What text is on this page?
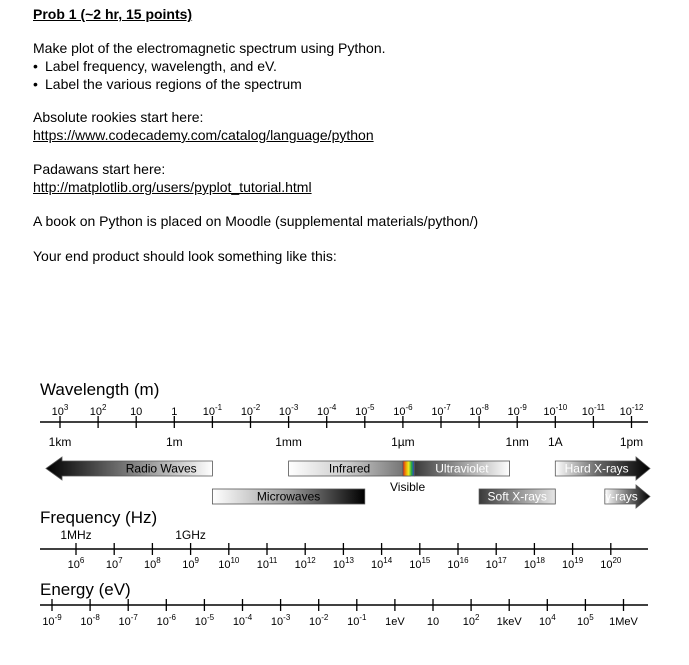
Prob 1 (~2 hr, 15 points)
Make plot of the electromagnetic spectrum using Python.
• Label frequency, wavelength, and eV.
• Label the various regions of the spectrum
Absolute rookies start here:
https://www.codecademy.com/catalog/language/python
Padawans start here:
http://matplotlib.org/users/pyplot_tutorial.html
A book on Python is placed on Moodle (supplemental materials/python/)
Your end product should look something like this:
Wavelength (m)
$10^3$ $10^2$ 10	1 $10^{-1}$ $10^{-2}$ $10^{-3}$ $10^{-4}$ $10^{-5}$ $10^{-6}$ $10^{-7}$ $10^{-8}$ $10^{-9}$ $10^{-10}$ $10^{-11}$ $10^{-12}$
1km	1m	1mm	1µm	1nm 1A	1pm
Radio Waves	Infrared	Ultraviolet	Hard X-rays
Microwaves	Soft X-rays	γ-rays
Visible
Frequency (Hz)
$10^6$ $10^7$ $10^8$ $10^9$ $10^{10}$ $10^{11}$ $10^{12}$ $10^{13}$ $10^{14}$ $10^{15}$ $10^{16}$ $10^{17}$ $10^{18}$ $10^{19}$ $10^{20}$
1MHz	1GHz
Energy (eV)
$10^{-9}$ $10^{-8}$ $10^{-7}$ $10^{-6}$ $10^{-5}$ $10^{-4}$ $10^{-3}$ $10^{-2}$ $10^{-1}$ 1eV 10 $10^2$ 1keV $10^4$ $10^5$ 1MeV
